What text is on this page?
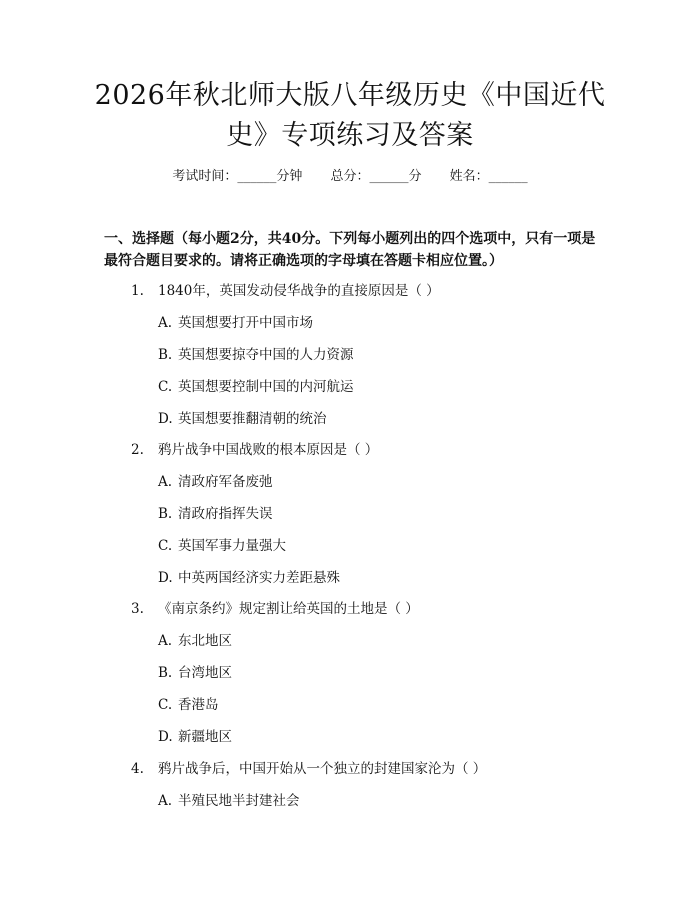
2026年秋北师大版八年级历史《中国近代
史》专项练习及答案
考试时间：______分钟 总分：______分 姓名：______
一、选择题（每小题2分，共40分。下列每小题列出的四个选项中，只有一项是
最符合题目要求的。请将正确选项的字母填在答题卡相应位置。）
1. 1840年，英国发动侵华战争的直接原因是（ ）
A. 英国想要打开中国市场
B. 英国想要掠夺中国的人力资源
C. 英国想要控制中国的内河航运
D. 英国想要推翻清朝的统治
2. 鸦片战争中国战败的根本原因是（ ）
A. 清政府军备废弛
B. 清政府指挥失误
C. 英国军事力量强大
D. 中英两国经济实力差距悬殊
3. 《南京条约》规定割让给英国的土地是（ ）
A. 东北地区
B. 台湾地区
C. 香港岛
D. 新疆地区
4. 鸦片战争后，中国开始从一个独立的封建国家沦为（ ）
A. 半殖民地半封建社会
